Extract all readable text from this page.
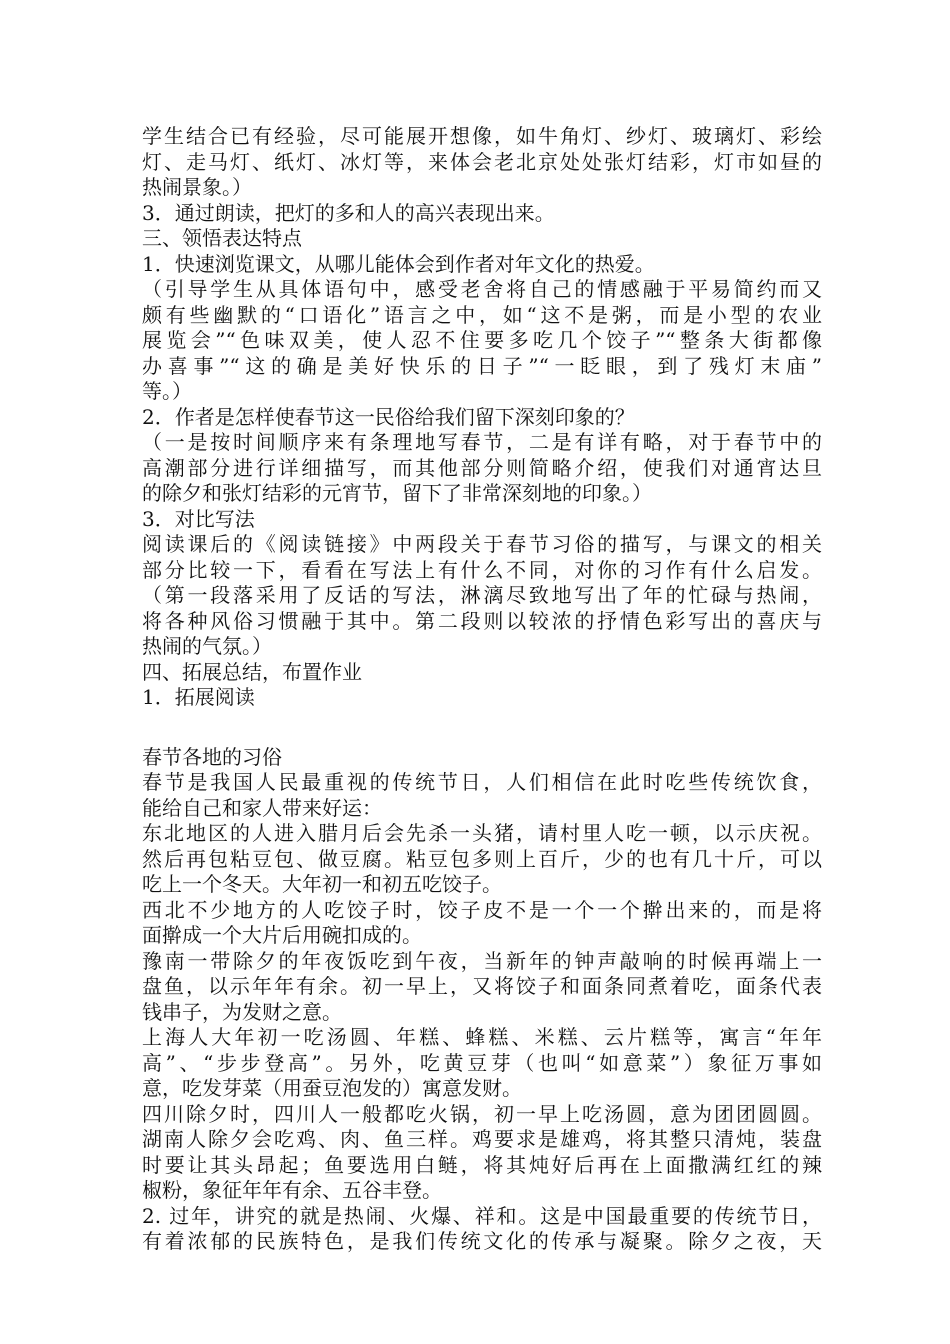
学生结合已有经验，尽可能展开想像，如牛角灯、纱灯、玻璃灯、彩绘
灯、走马灯、纸灯、冰灯等，来体会老北京处处张灯结彩，灯市如昼的
热闹景象。）
3．通过朗读，把灯的多和人的高兴表现出来。
三、领悟表达特点
1．快速浏览课文，从哪儿能体会到作者对年文化的热爱。
（引导学生从具体语句中，感受老舍将自己的情感融于平易简约而又
颇有些幽默的“口语化”语言之中，如“这不是粥，而是小型的农业
展览会”“色味双美，使人忍不住要多吃几个饺子”“整条大街都像
办喜事”“这的确是美好快乐的日子”“一眨眼，到了残灯末庙”
等。）
2．作者是怎样使春节这一民俗给我们留下深刻印象的？
（一是按时间顺序来有条理地写春节，二是有详有略，对于春节中的
高潮部分进行详细描写，而其他部分则简略介绍，使我们对通宵达旦
的除夕和张灯结彩的元宵节，留下了非常深刻地的印象。）
3．对比写法
阅读课后的《阅读链接》中两段关于春节习俗的描写，与课文的相关
部分比较一下，看看在写法上有什么不同，对你的习作有什么启发。
（第一段落采用了反话的写法，淋漓尽致地写出了年的忙碌与热闹，
将各种风俗习惯融于其中。第二段则以较浓的抒情色彩写出的喜庆与
热闹的气氛。）
四、拓展总结，布置作业
1．拓展阅读
春节各地的习俗
春节是我国人民最重视的传统节日，人们相信在此时吃些传统饮食，
能给自己和家人带来好运：
东北地区的人进入腊月后会先杀一头猪，请村里人吃一顿，以示庆祝。
然后再包粘豆包、做豆腐。粘豆包多则上百斤，少的也有几十斤，可以
吃上一个冬天。大年初一和初五吃饺子。
西北不少地方的人吃饺子时，饺子皮不是一个一个擀出来的，而是将
面擀成一个大片后用碗扣成的。
豫南一带除夕的年夜饭吃到午夜，当新年的钟声敲响的时候再端上一
盘鱼，以示年年有余。初一早上，又将饺子和面条同煮着吃，面条代表
钱串子，为发财之意。
上海人大年初一吃汤圆、年糕、蜂糕、米糕、云片糕等，寓言“年年
高”、“步步登高”。另外，吃黄豆芽（也叫“如意菜”）象征万事如
意，吃发芽菜（用蚕豆泡发的）寓意发财。
四川除夕时，四川人一般都吃火锅，初一早上吃汤圆，意为团团圆圆。
湖南人除夕会吃鸡、肉、鱼三样。鸡要求是雄鸡，将其整只清炖，装盘
时要让其头昂起；鱼要选用白鲢，将其炖好后再在上面撒满红红的辣
椒粉，象征年年有余、五谷丰登。
2. 过年，讲究的就是热闹、火爆、祥和。这是中国最重要的传统节日，
有着浓郁的民族特色，是我们传统文化的传承与凝聚。除夕之夜，天
